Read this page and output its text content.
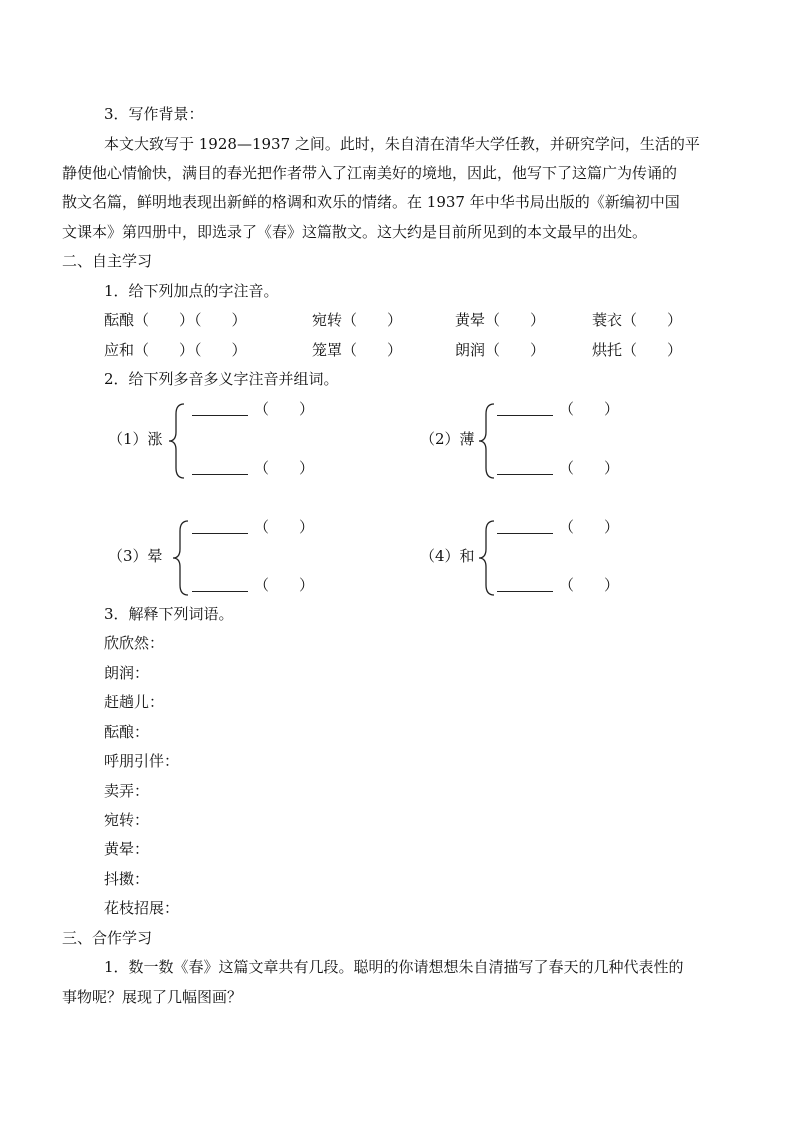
3．写作背景：
本文大致写于 1928—1937 之间。此时，朱自清在清华大学任教，并研究学问，生活的平
静使他心情愉快，满目的春光把作者带入了江南美好的境地，因此，他写下了这篇广为传诵的
散文名篇，鲜明地表现出新鲜的格调和欢乐的情绪。在 1937 年中华书局出版的《新编初中国
文课本》第四册中，即选录了《春》这篇散文。这大约是目前所见到的本文最早的出处。
二、自主学习
1．给下列加点的字注音。
酝酿（　　）（　　）	宛转（　　）	黄晕（　　）	蓑衣（　　）
应和（　　）（　　）	笼罩（　　）	朗润（　　）	烘托（　　）
2．给下列多音多义字注音并组词。
（1）涨
（　　）
（　　）
（2）薄
（　　）
（　　）
（3）晕
（　　）
（　　）
（4）和
（　　）
（　　）
3．解释下列词语。
欣欣然：
朗润：
赶趟儿：
酝酿：
呼朋引伴：
卖弄：
宛转：
黄晕：
抖擞：
花枝招展：
三、合作学习
1．数一数《春》这篇文章共有几段。聪明的你请想想朱自清描写了春天的几种代表性的
事物呢？展现了几幅图画？
